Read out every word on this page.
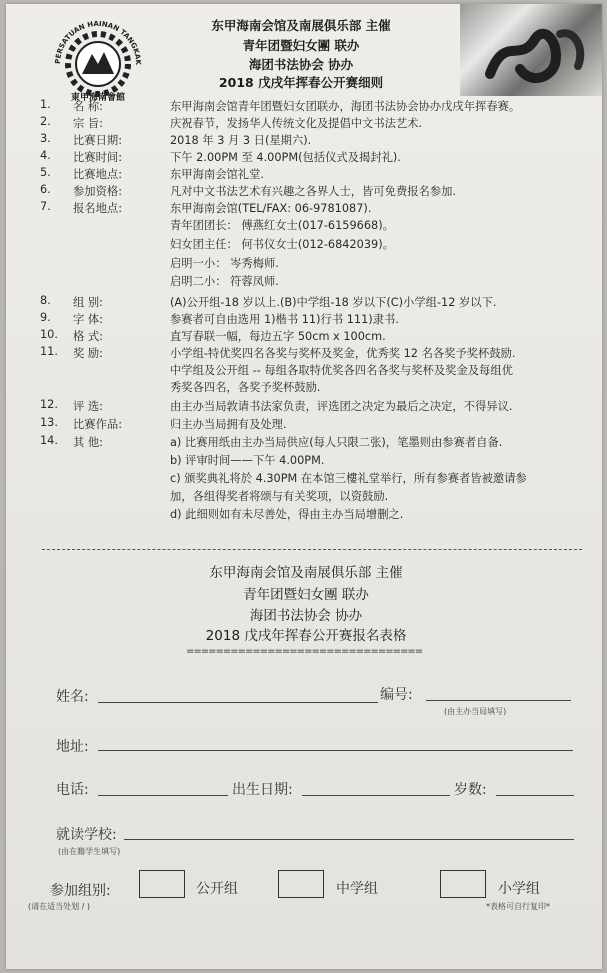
PERSATUAN HAINAN TANGKAK
東甲海南會館
东甲海南会馆及南展俱乐部 主催
青年团暨妇女團 联办
海团书法协会 协办
2018 戊戌年挥春公开赛细则
1.	名 称:	东甲海南会馆青年团暨妇女团联办，海团书法协会协办戊戌年挥春赛。
2.	宗 旨:	庆祝春节，发扬华人传统文化及提倡中文书法艺术.
3.	比赛日期:	2018 年 3 月 3 日(星期六).
4.	比赛时间:	下午 2.00PM 至 4.00PM(包括仪式及揭封礼).
5.	比赛地点:	东甲海南会馆礼堂.
6.	参加资格:	凡对中文书法艺术有兴趣之各界人士，皆可免费报名参加.
7.	报名地点:	东甲海南会馆(TEL/FAX: 06-9781087).
青年团团长： 傅燕红女士(017-6159668)。
妇女团主任： 何书仪女士(012-6842039)。
启明一小： 岑秀梅师.
启明二小： 符蓉凤师.
8.	组 别:	(A)公开组-18 岁以上.(B)中学组-18 岁以下(C)小学组-12 岁以下.
9.	字 体:	参赛者可自由选用 1)楷书 11)行书 111)隶书.
10.	格 式:	直写春联一幅，每边五字 50cm x 100cm.
11.	奖 励:	小学组-特优奖四名各奖与奖杯及奖金，优秀奖 12 名各奖予奖杯鼓励.
中学组及公开组 -- 每组各取特优奖各四名各奖与奖杯及奖金及每组优
秀奖各四名，各奖予奖杯鼓励.
12.	评 选:	由主办当局敦请书法家负责，评选团之决定为最后之决定，不得异议.
13.	比赛作品:	归主办当局拥有及处理.
14.	其 他:	a) 比赛用纸由主办当局供应(每人只限二张)，笔墨则由参赛者自备.
b) 评审时间——下午 4.00PM.
c) 颁奖典礼将於 4.30PM 在本馆三樓礼堂举行，所有参赛者皆被邀请参
加，各组得奖者将颂与有关奖项，以资鼓励.
d) 此细则如有未尽善处，得由主办当局增删之.
东甲海南会馆及南展俱乐部 主催
青年团暨妇女團 联办
海团书法协会 协办
2018 戊戌年挥春公开赛报名表格
================================
姓名:	编号:
(由主办当局填写)
地址:
电话:	出生日期:	岁数:
就读学校:
(由在籍学生填写)
参加组别:	公开组	中学组	小学组
(请在适当处划 / )	*表格可自行复印*
